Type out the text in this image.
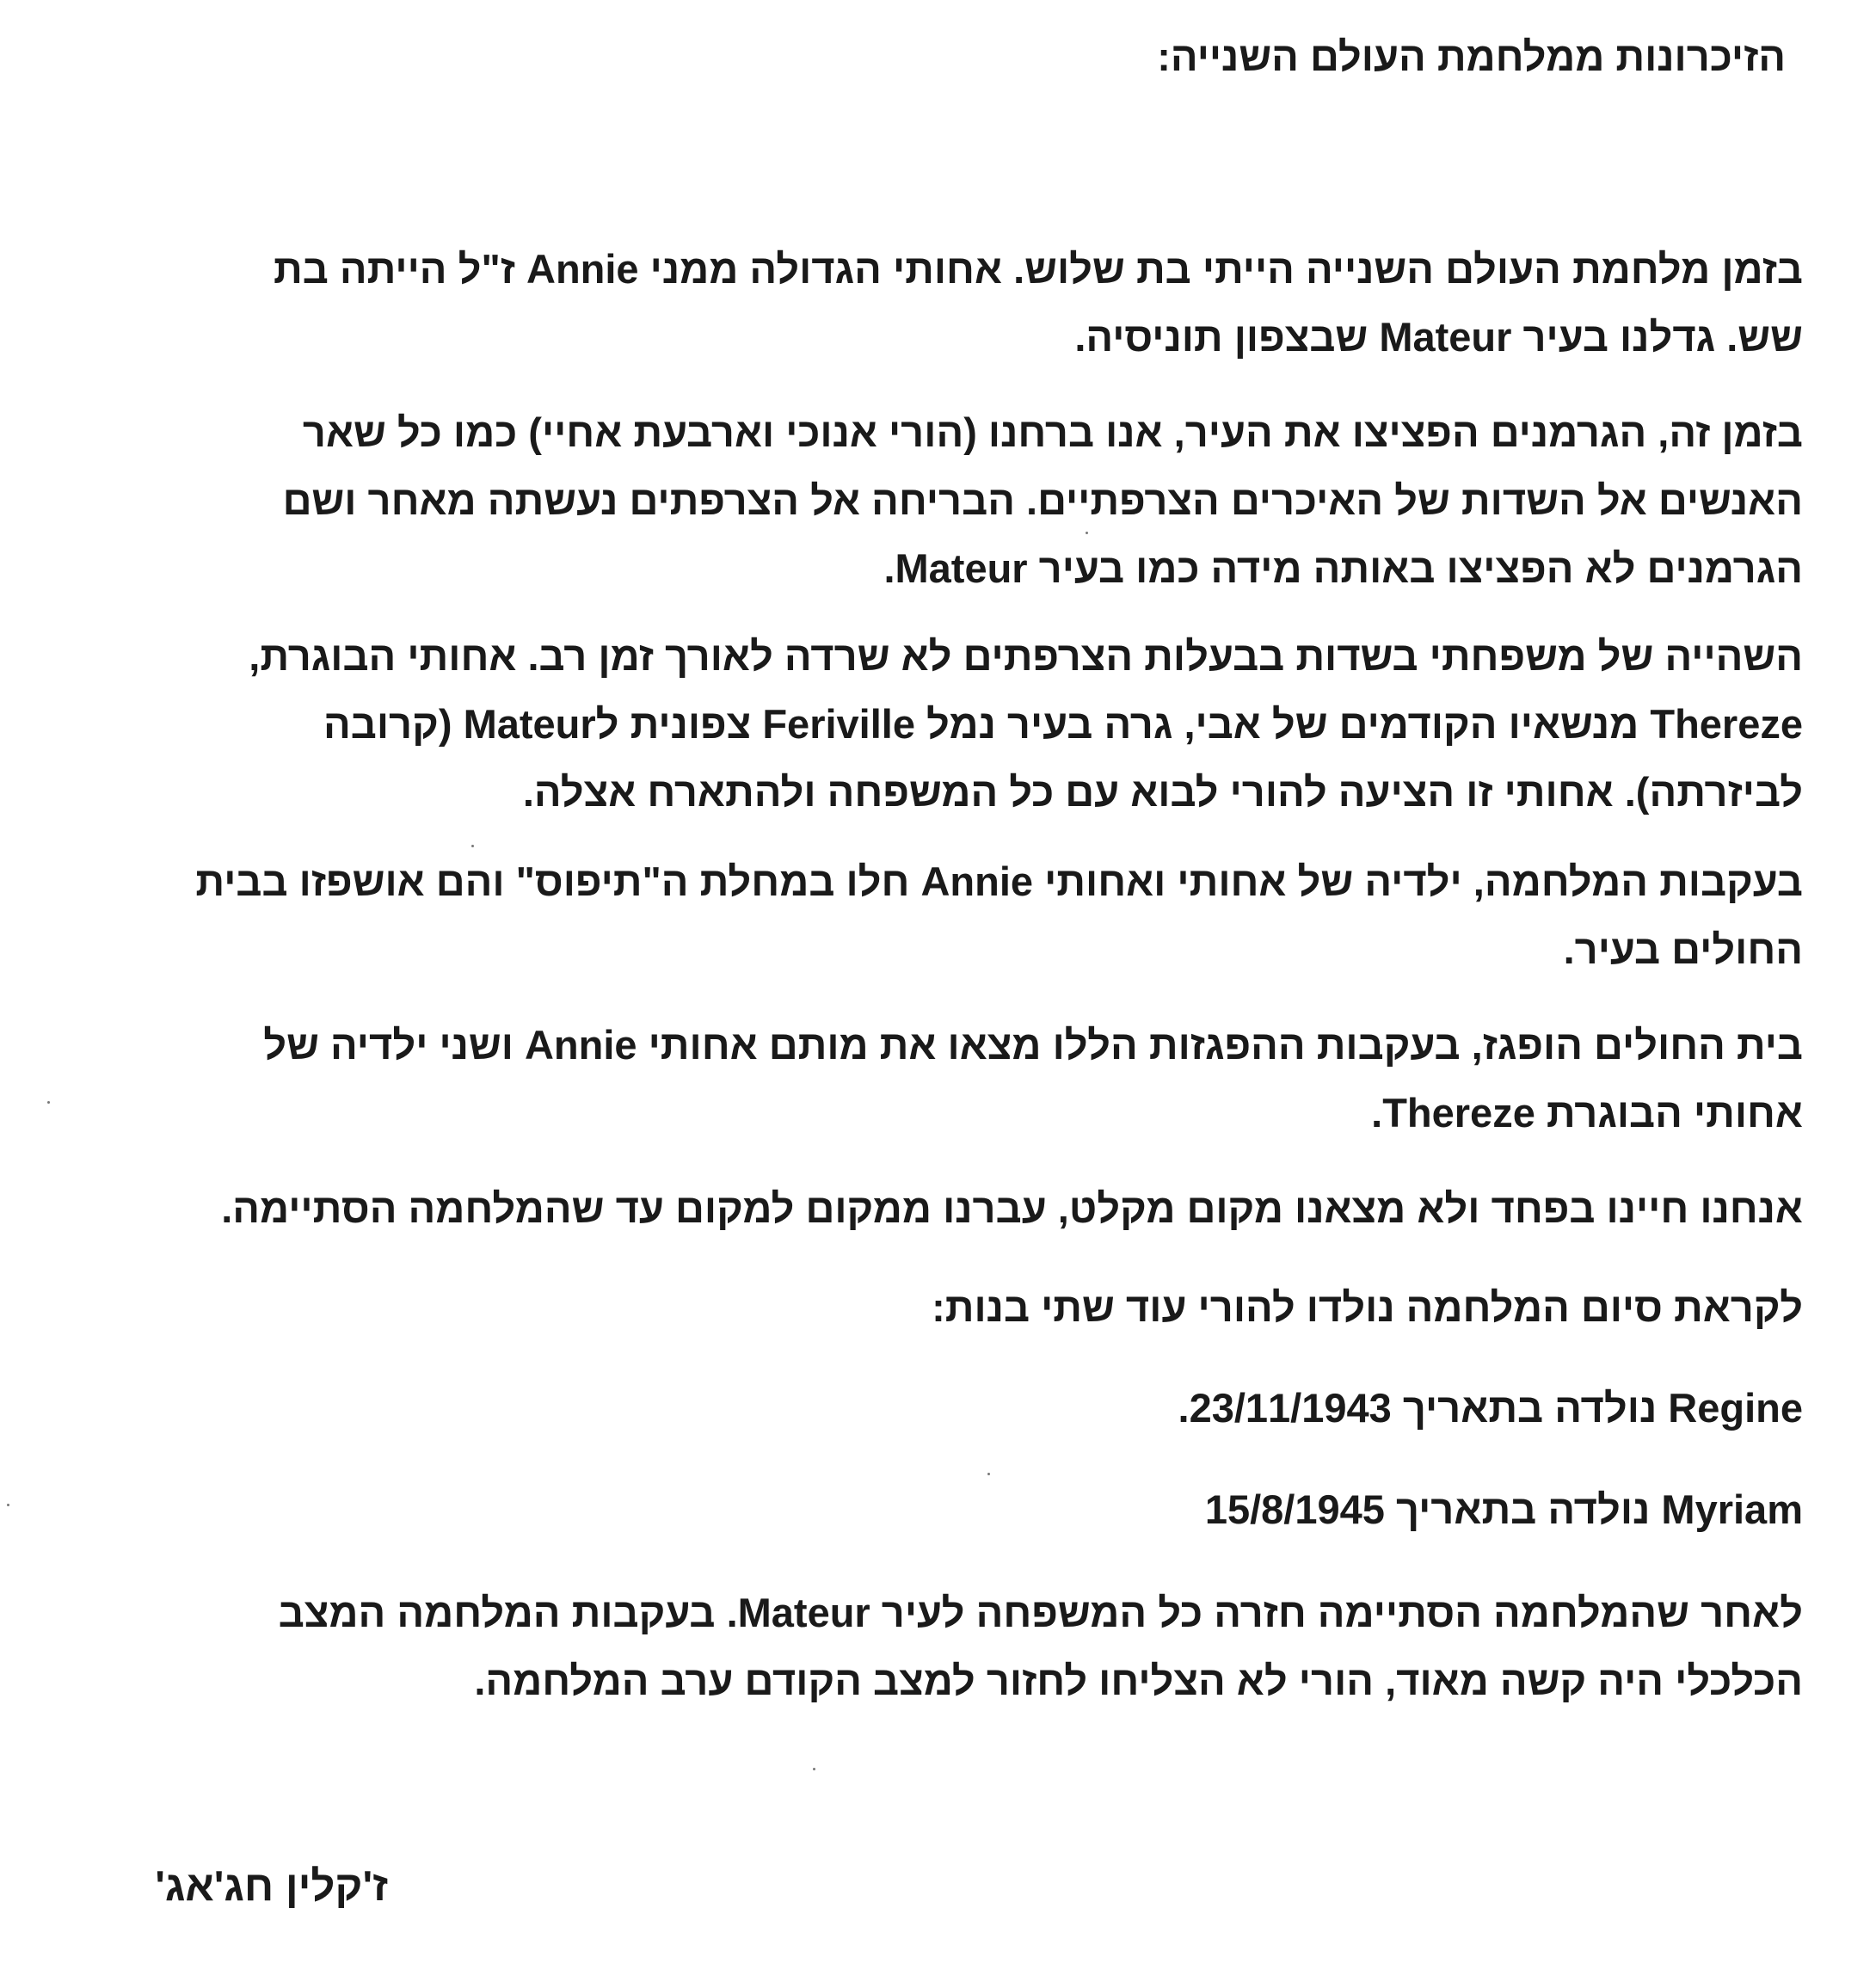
הזיכרונות ממלחמת העולם השנייה:
בזמן מלחמת העולם השנייה הייתי בת שלוש. אחותי הגדולה ממני Annie ז"ל הייתה בת
שש. גדלנו בעיר Mateur שבצפון תוניסיה.
בזמן זה, הגרמנים הפציצו את העיר, אנו ברחנו (הורי אנוכי וארבעת אחיי) כמו כל שאר
האנשים אל השדות של האיכרים הצרפתיים. הבריחה אל הצרפתים נעשתה מאחר ושם
הגרמנים לא הפציצו באותה מידה כמו בעיר Mateur.
השהייה של משפחתי בשדות בבעלות הצרפתים לא שרדה לאורך זמן רב. אחותי הבוגרת,
Thereze מנשאיו הקודמים של אבי, גרה בעיר נמל Feriville צפונית לMateur (קרובה
לביזרתה). אחותי זו הציעה להורי לבוא עם כל המשפחה ולהתארח אצלה.
בעקבות המלחמה, ילדיה של אחותי ואחותי Annie חלו במחלת ה"תיפוס" והם אושפזו בבית
החולים בעיר.
בית החולים הופגז, בעקבות ההפגזות הללו מצאו את מותם אחותי Annie ושני ילדיה של
אחותי הבוגרת Thereze.
אנחנו חיינו בפחד ולא מצאנו מקום מקלט, עברנו ממקום למקום עד שהמלחמה הסתיימה.
לקראת סיום המלחמה נולדו להורי עוד שתי בנות:
Regine נולדה בתאריך 23/11/1943.
Myriam נולדה בתאריך 15/8/1945
לאחר שהמלחמה הסתיימה חזרה כל המשפחה לעיר Mateur. בעקבות המלחמה המצב
הכלכלי היה קשה מאוד, הורי לא הצליחו לחזור למצב הקודם ערב המלחמה.
ז'קלין חג'אג'
